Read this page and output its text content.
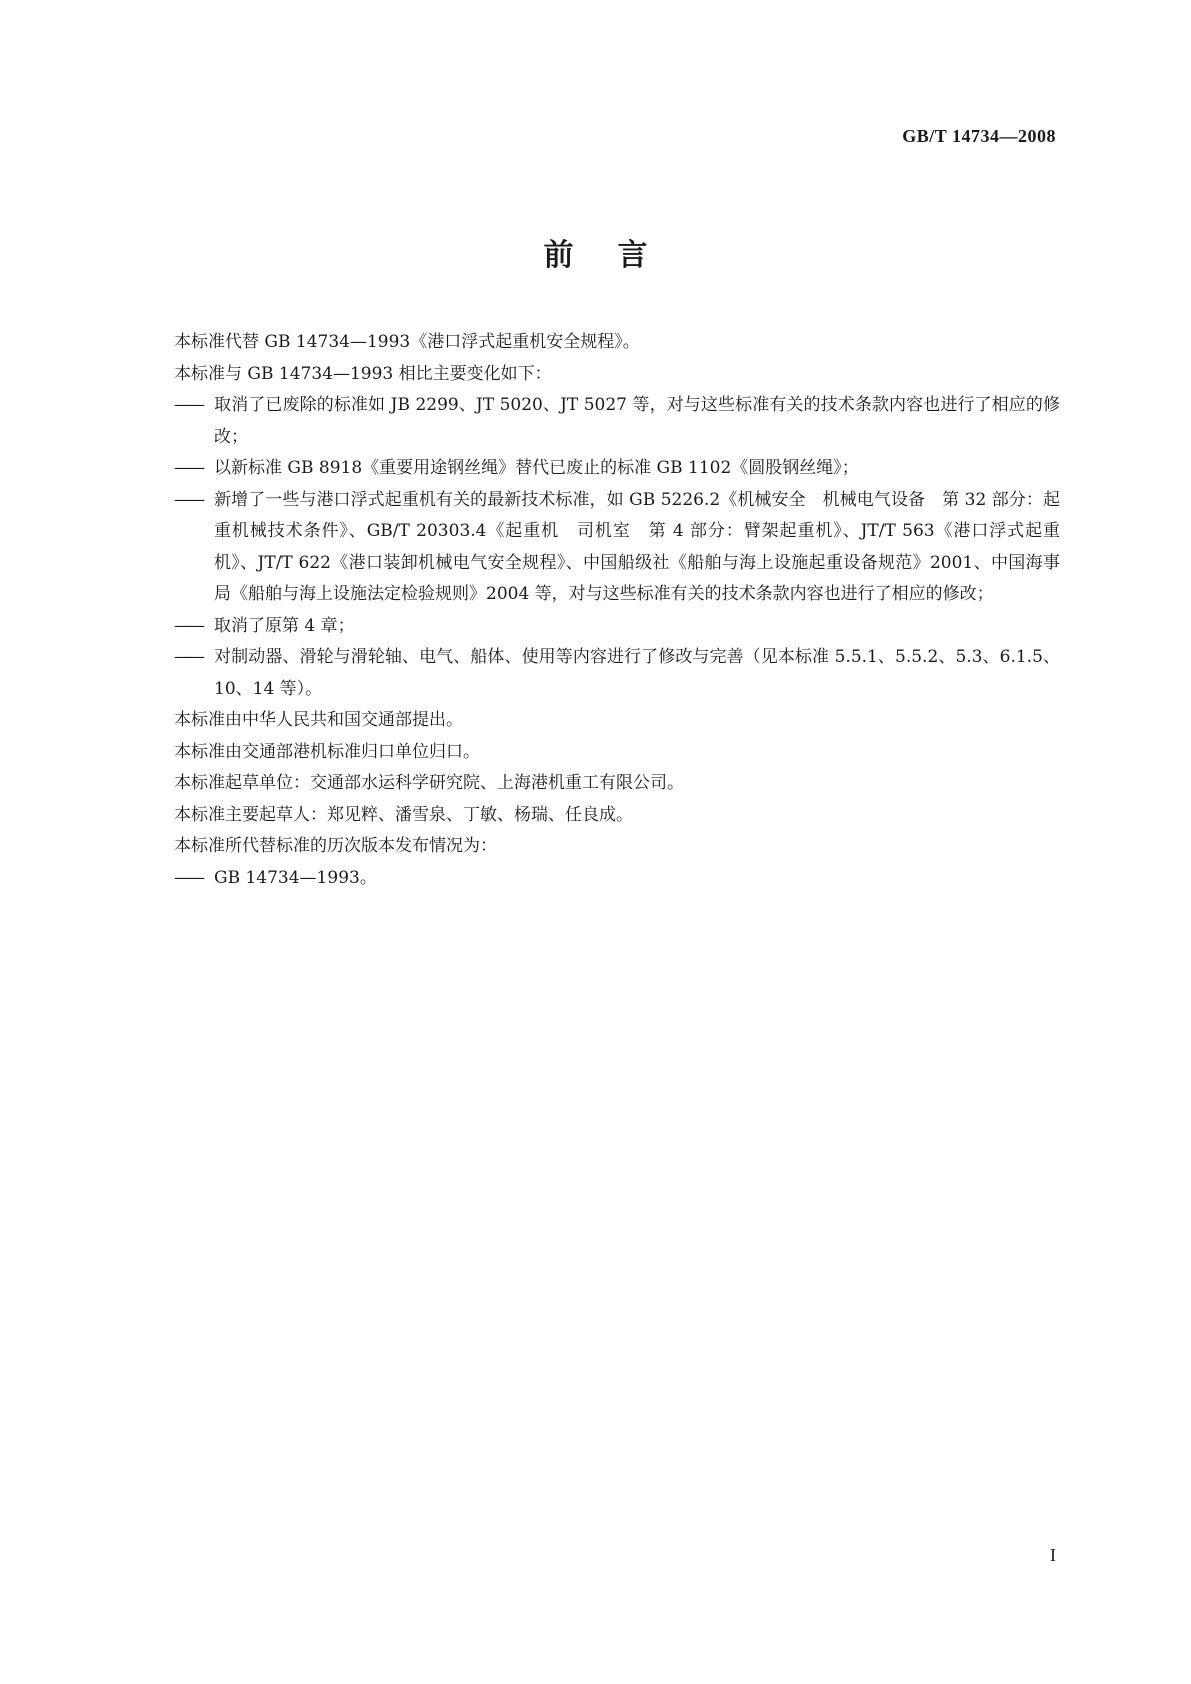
GB/T 14734—2008
前言

本标准代替 GB 14734—1993《港口浮式起重机安全规程》。

本标准与 GB 14734—1993 相比主要变化如下：

—— 取消了已废除的标准如 JB 2299、JT 5020、JT 5027 等，对与这些标准有关的技术条款内容也进行了相应的修改；

—— 以新标准 GB 8918《重要用途钢丝绳》替代已废止的标准 GB 1102《圆股钢丝绳》；

—— 新增了一些与港口浮式起重机有关的最新技术标准，如 GB 5226.2《机械安全　机械电气设备　第 32 部分：起重机械技术条件》、GB/T 20303.4《起重机　司机室　第 4 部分：臂架起重机》、JT/T 563《港口浮式起重机》、JT/T 622《港口装卸机械电气安全规程》、中国船级社《船舶与海上设施起重设备规范》2001、中国海事局《船舶与海上设施法定检验规则》2004 等，对与这些标准有关的技术条款内容也进行了相应的修改；

—— 取消了原第 4 章；

—— 对制动器、滑轮与滑轮轴、电气、船体、使用等内容进行了修改与完善（见本标准 5.5.1、5.5.2、5.3、6.1.5、10、14 等）。

本标准由中华人民共和国交通部提出。

本标准由交通部港机标准归口单位归口。

本标准起草单位：交通部水运科学研究院、上海港机重工有限公司。

本标准主要起草人：郑见粹、潘雪泉、丁敏、杨瑞、任良成。

本标准所代替标准的历次版本发布情况为：

—— GB 14734—1993。

I
